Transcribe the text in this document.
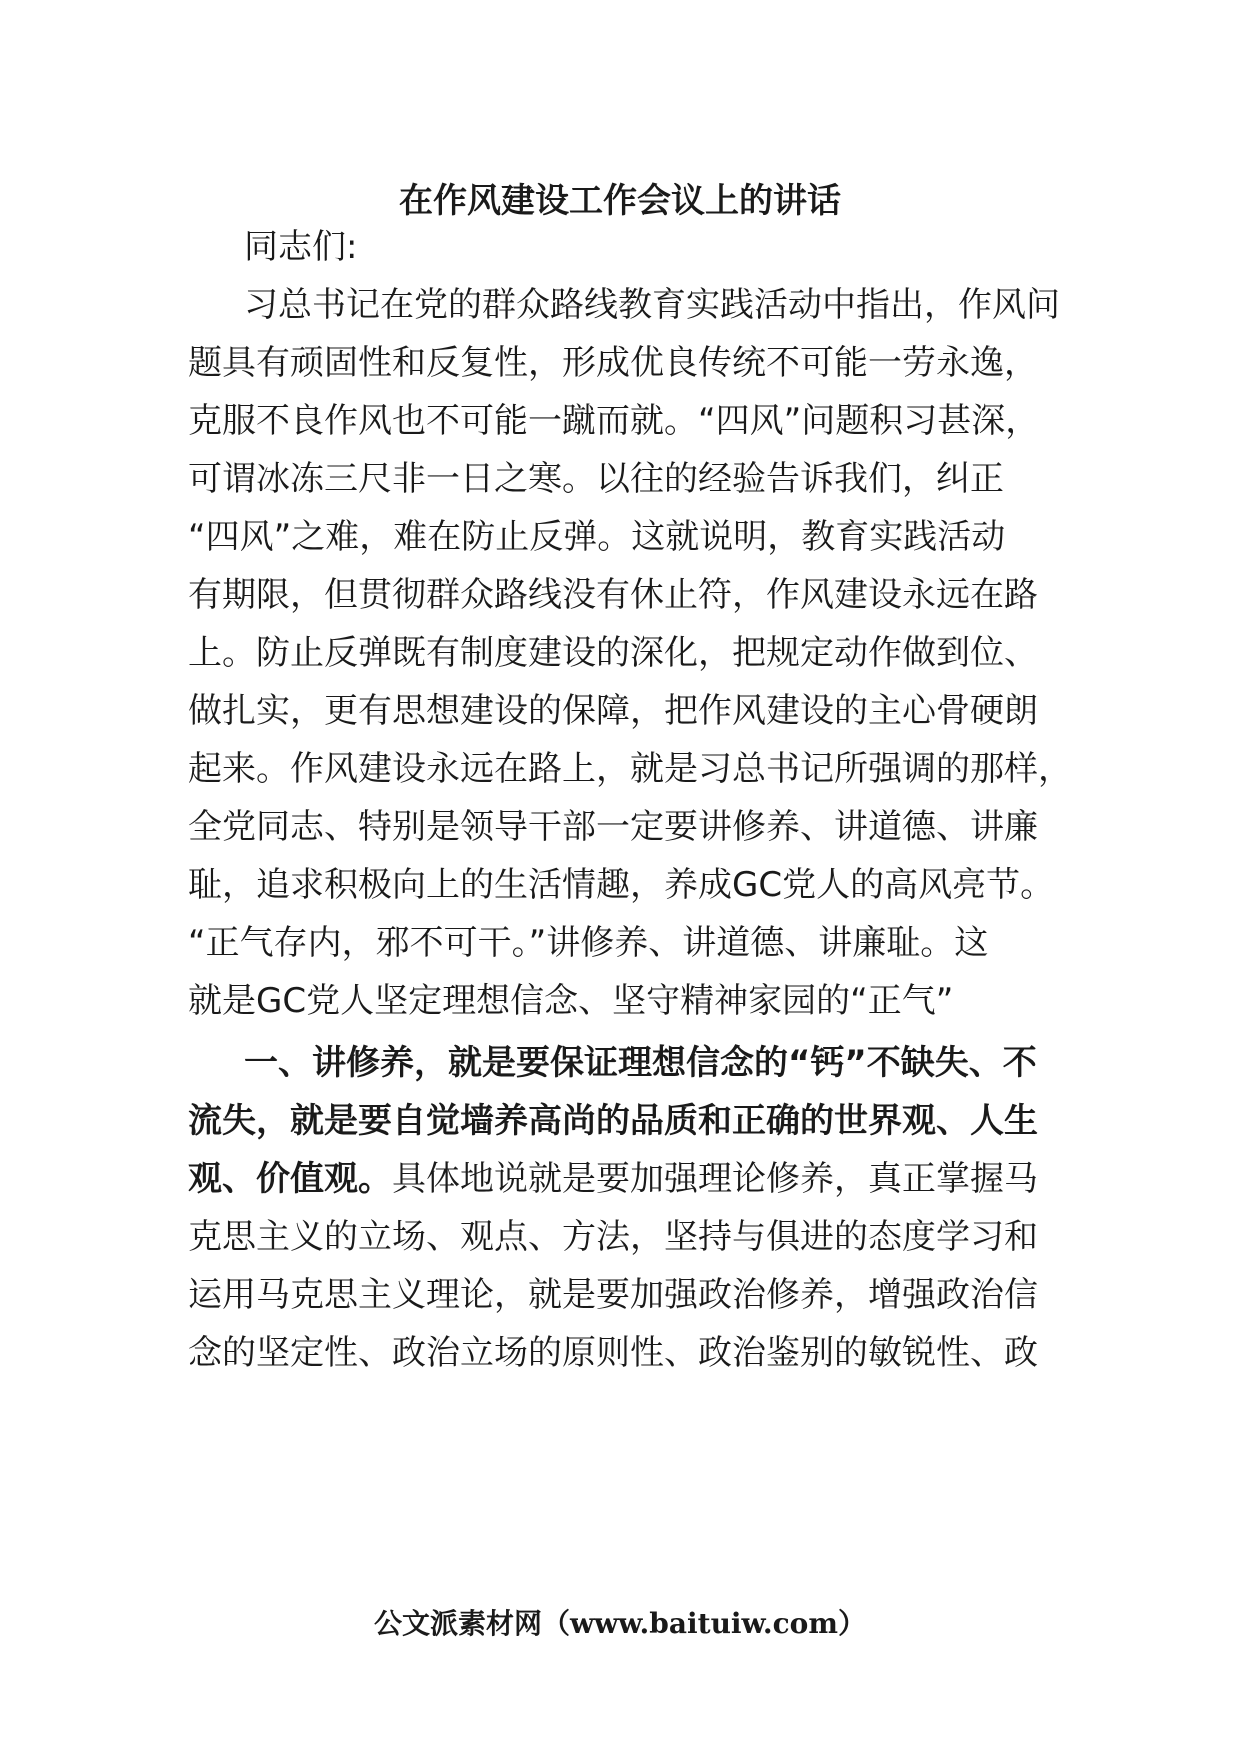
在作风建设工作会议上的讲话
同志们:
习总书记在党的群众路线教育实践活动中指出，作风问
题具有顽固性和反复性，形成优良传统不可能一劳永逸，
克服不良作风也不可能一蹴而就。“四风”问题积习甚深，
可谓冰冻三尺非一日之寒。以往的经验告诉我们，纠正
“四风”之难，难在防止反弹。这就说明，教育实践活动
有期限，但贯彻群众路线没有休止符，作风建设永远在路
上。防止反弹既有制度建设的深化，把规定动作做到位、
做扎实，更有思想建设的保障，把作风建设的主心骨硬朗
起来。作风建设永远在路上，就是习总书记所强调的那样，
全党同志、特别是领导干部一定要讲修养、讲道德、讲廉
耻，追求积极向上的生活情趣，养成GC党人的高风亮节。
“正气存内，邪不可干。”讲修养、讲道德、讲廉耻。这
就是GC党人坚定理想信念、坚守精神家园的“正气”
一、讲修养，就是要保证理想信念的“钙”不缺失、不
流失，就是要自觉墙养高尚的品质和正确的世界观、人生
观、价值观。具体地说就是要加强理论修养，真正掌握马
克思主义的立场、观点、方法，坚持与俱进的态度学习和
运用马克思主义理论，就是要加强政治修养，增强政治信
念的坚定性、政治立场的原则性、政治鉴别的敏锐性、政
公文派素材网（www.baituiw.com）
